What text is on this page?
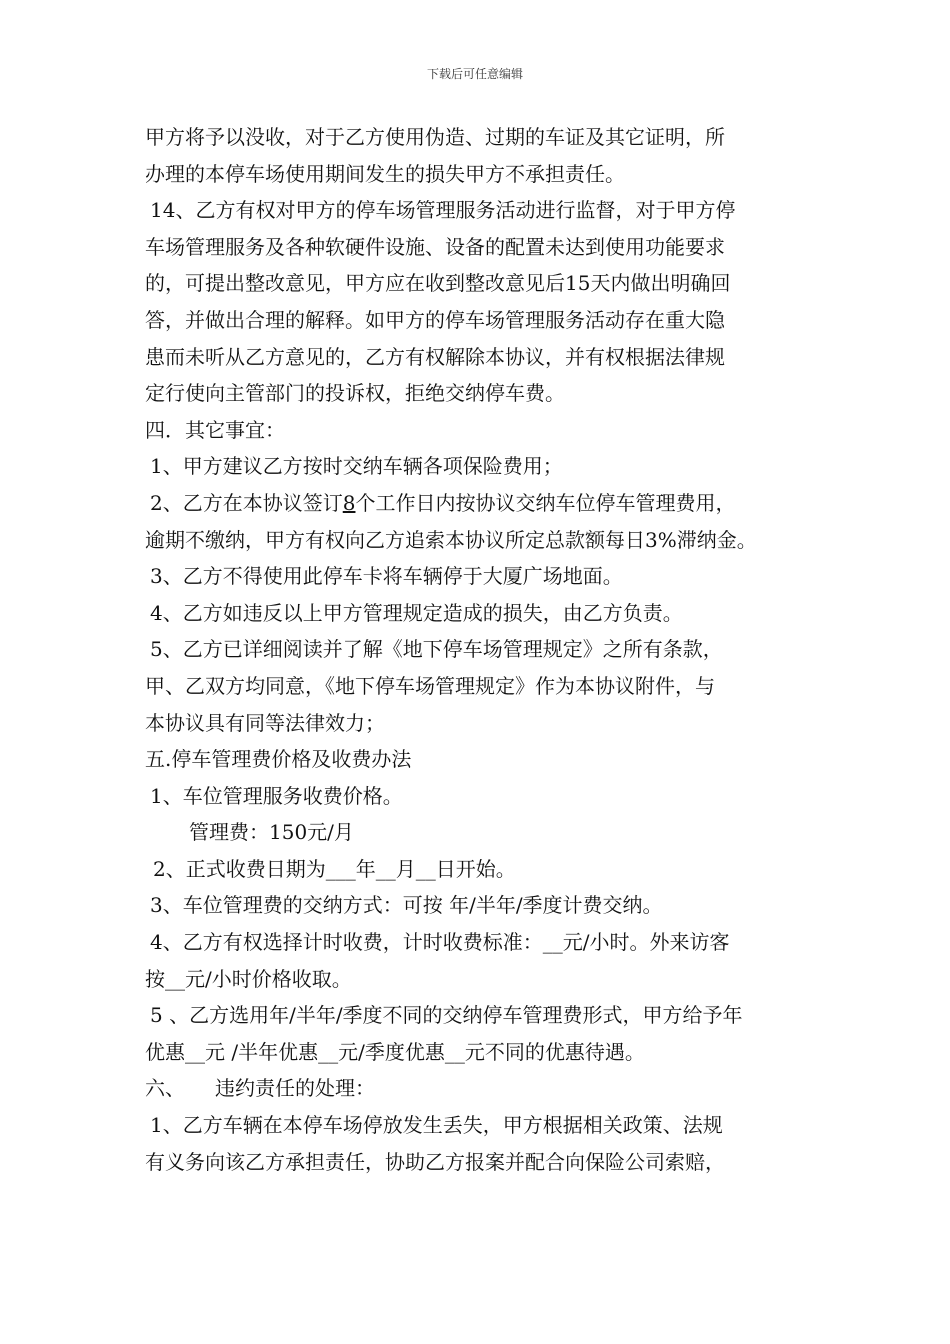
下载后可任意编辑
甲方将予以没收，对于乙方使用伪造、过期的车证及其它证明，所
办理的本停车场使用期间发生的损失甲方不承担责任。
14、乙方有权对甲方的停车场管理服务活动进行监督，对于甲方停
车场管理服务及各种软硬件设施、设备的配置未达到使用功能要求
的，可提出整改意见，甲方应在收到整改意见后15天内做出明确回
答，并做出合理的解释。如甲方的停车场管理服务活动存在重大隐
患而未听从乙方意见的，乙方有权解除本协议，并有权根据法律规
定行使向主管部门的投诉权，拒绝交纳停车费。
四．其它事宜：
1、甲方建议乙方按时交纳车辆各项保险费用；
2、乙方在本协议签订8个工作日内按协议交纳车位停车管理费用，
逾期不缴纳，甲方有权向乙方追索本协议所定总款额每日3%滞纳金。
3、乙方不得使用此停车卡将车辆停于大厦广场地面。
4、乙方如违反以上甲方管理规定造成的损失，由乙方负责。
5、乙方已详细阅读并了解《地下停车场管理规定》之所有条款，
甲、乙双方均同意，《地下停车场管理规定》作为本协议附件，与
本协议具有同等法律效力；
五.停车管理费价格及收费办法
1、车位管理服务收费价格。
管理费：150元/月
2、正式收费日期为___年__月__日开始。
3、车位管理费的交纳方式：可按 年/半年/季度计费交纳。
4、乙方有权选择计时收费，计时收费标准：__元/小时。外来访客
按__元/小时价格收取。
5 、乙方选用年/半年/季度不同的交纳停车管理费形式，甲方给予年
优惠__元 /半年优惠__元/季度优惠__元不同的优惠待遇。
六、 违约责任的处理：
1、乙方车辆在本停车场停放发生丢失，甲方根据相关政策、法规
有义务向该乙方承担责任，协助乙方报案并配合向保险公司索赔，
